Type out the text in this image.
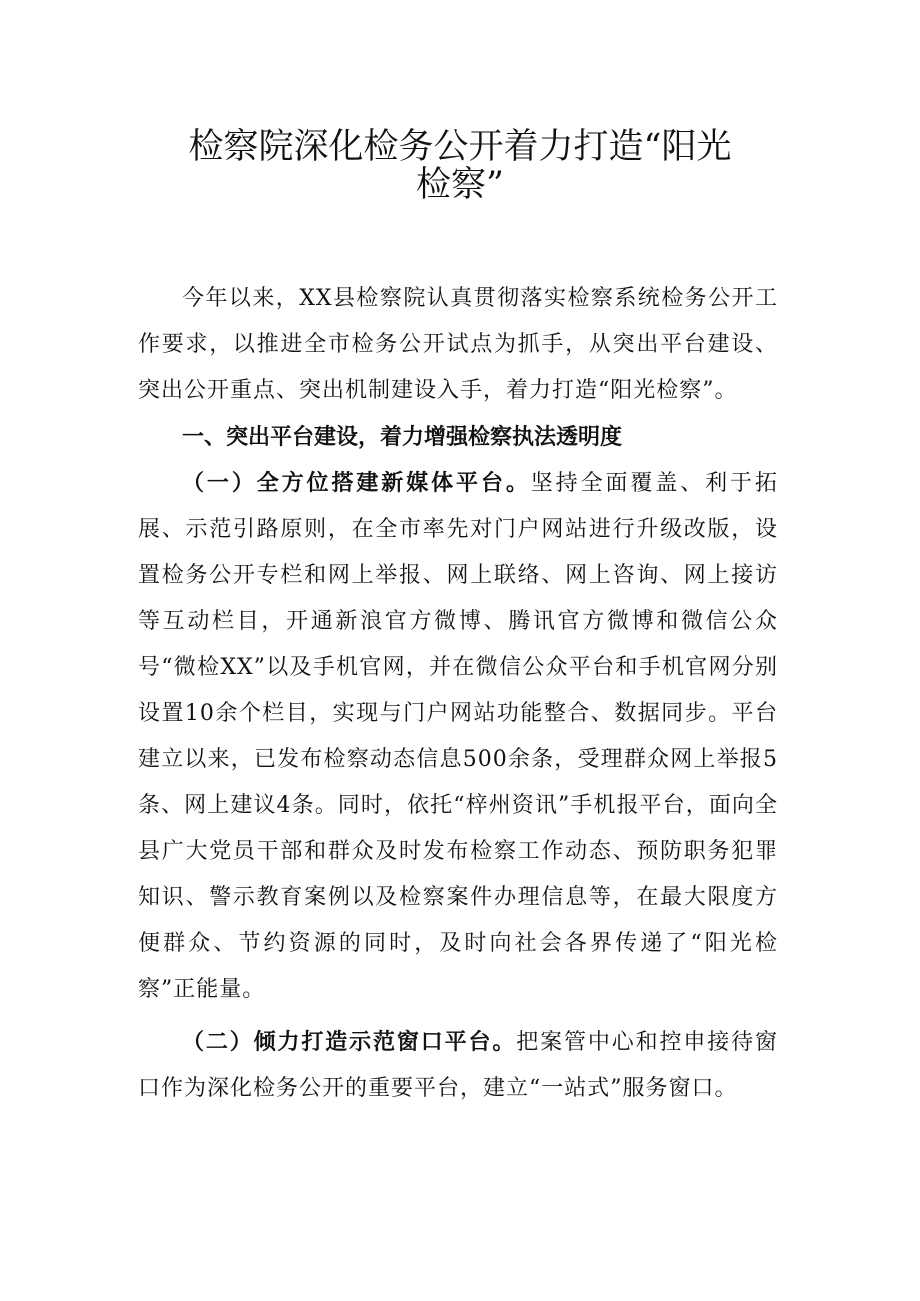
检察院深化检务公开着力打造“阳光
检察”

今年以来，XX县检察院认真贯彻落实检察系统检务公开工作要求，以推进全市检务公开试点为抓手，从突出平台建设、突出公开重点、突出机制建设入手，着力打造“阳光检察”。

一、突出平台建设，着力增强检察执法透明度

（一）全方位搭建新媒体平台。坚持全面覆盖、利于拓展、示范引路原则，在全市率先对门户网站进行升级改版，设置检务公开专栏和网上举报、网上联络、网上咨询、网上接访等互动栏目，开通新浪官方微博、腾讯官方微博和微信公众号“微检XX”以及手机官网，并在微信公众平台和手机官网分别设置10余个栏目，实现与门户网站功能整合、数据同步。平台建立以来，已发布检察动态信息500余条，受理群众网上举报5条、网上建议4条。同时，依托“梓州资讯”手机报平台，面向全县广大党员干部和群众及时发布检察工作动态、预防职务犯罪知识、警示教育案例以及检察案件办理信息等，在最大限度方便群众、节约资源的同时，及时向社会各界传递了“阳光检察”正能量。

（二）倾力打造示范窗口平台。把案管中心和控申接待窗口作为深化检务公开的重要平台，建立“一站式”服务窗口。
